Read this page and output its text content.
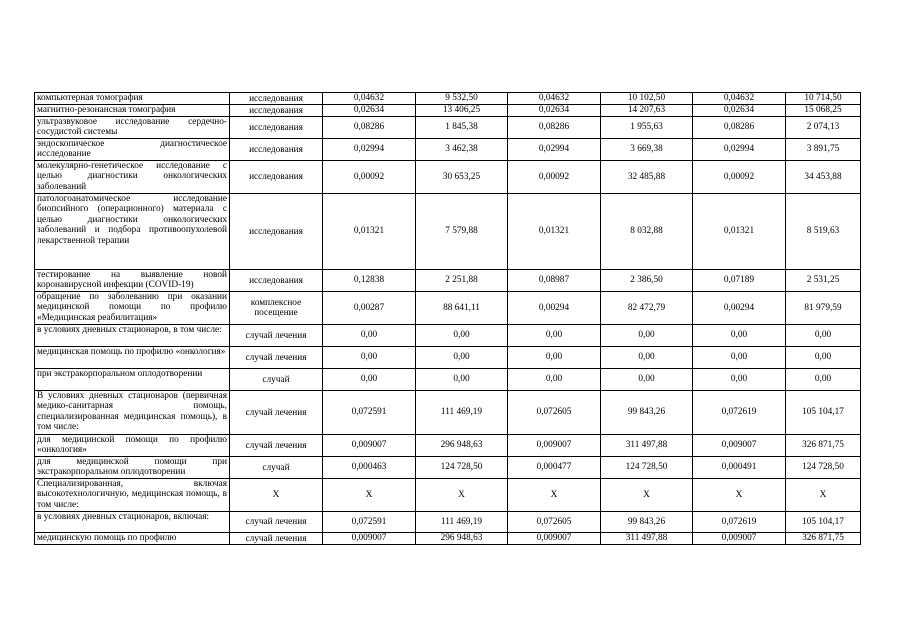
компьютерная томография	исследования	0,04632	9 532,50	0,04632	10 102,50	0,04632	10 714,50
магнитно-резонансная томография	исследования	0,02634	13 406,25	0,02634	14 207,63	0,02634	15 068,25
ультразвуковое исследование сердечно-сосудистой системы	исследования	0,08286	1 845,38	0,08286	1 955,63	0,08286	2 074,13
эндоскопическое диагностическое исследование	исследования	0,02994	3 462,38	0,02994	3 669,38	0,02994	3 891,75
молекулярно-генетическое исследование с целью диагностики онкологических заболеваний	исследования	0,00092	30 653,25	0,00092	32 485,88	0,00092	34 453,88
патологоанатомическое исследование биопсийного (операционного) материала с целью диагностики онкологических заболеваний и подбора противоопухолевой лекарственной терапии	исследования	0,01321	7 579,88	0,01321	8 032,88	0,01321	8 519,63
тестирование на выявление новой коронавирусной инфекции (COVID-19)	исследования	0,12838	2 251,88	0,08987	2 386,50	0,07189	2 531,25
обращение по заболеванию при оказании медицинской помощи по профилю «Медицинская реабилитация»	комплексное посещение	0,00287	88 641,11	0,00294	82 472,79	0,00294	81 979,59
в условиях дневных стационаров, в том числе:	случай лечения	0,00	0,00	0,00	0,00	0,00	0,00
медицинская помощь по профилю «онкология»	случай лечения	0,00	0,00	0,00	0,00	0,00	0,00
при экстракорпоральном оплодотворении	случай	0,00	0,00	0,00	0,00	0,00	0,00
В условиях дневных стационаров (первичная медико-санитарная помощь, специализированная медицинская помощь), в том числе:	случай лечения	0,072591	111 469,19	0,072605	99 843,26	0,072619	105 104,17
для медицинской помощи по профилю «онкология»	случай лечения	0,009007	296 948,63	0,009007	311 497,88	0,009007	326 871,75
для медицинской помощи при экстракорпоральном оплодотворении	случай	0,000463	124 728,50	0,000477	124 728,50	0,000491	124 728,50
Специализированная, включая высокотехнологичную, медицинская помощь, в том числе:	X	X	X	X	X	X	X
в условиях дневных стационаров, включая:	случай лечения	0,072591	111 469,19	0,072605	99 843,26	0,072619	105 104,17
медицинскую помощь по профилю	случай лечения	0,009007	296 948,63	0,009007	311 497,88	0,009007	326 871,75
